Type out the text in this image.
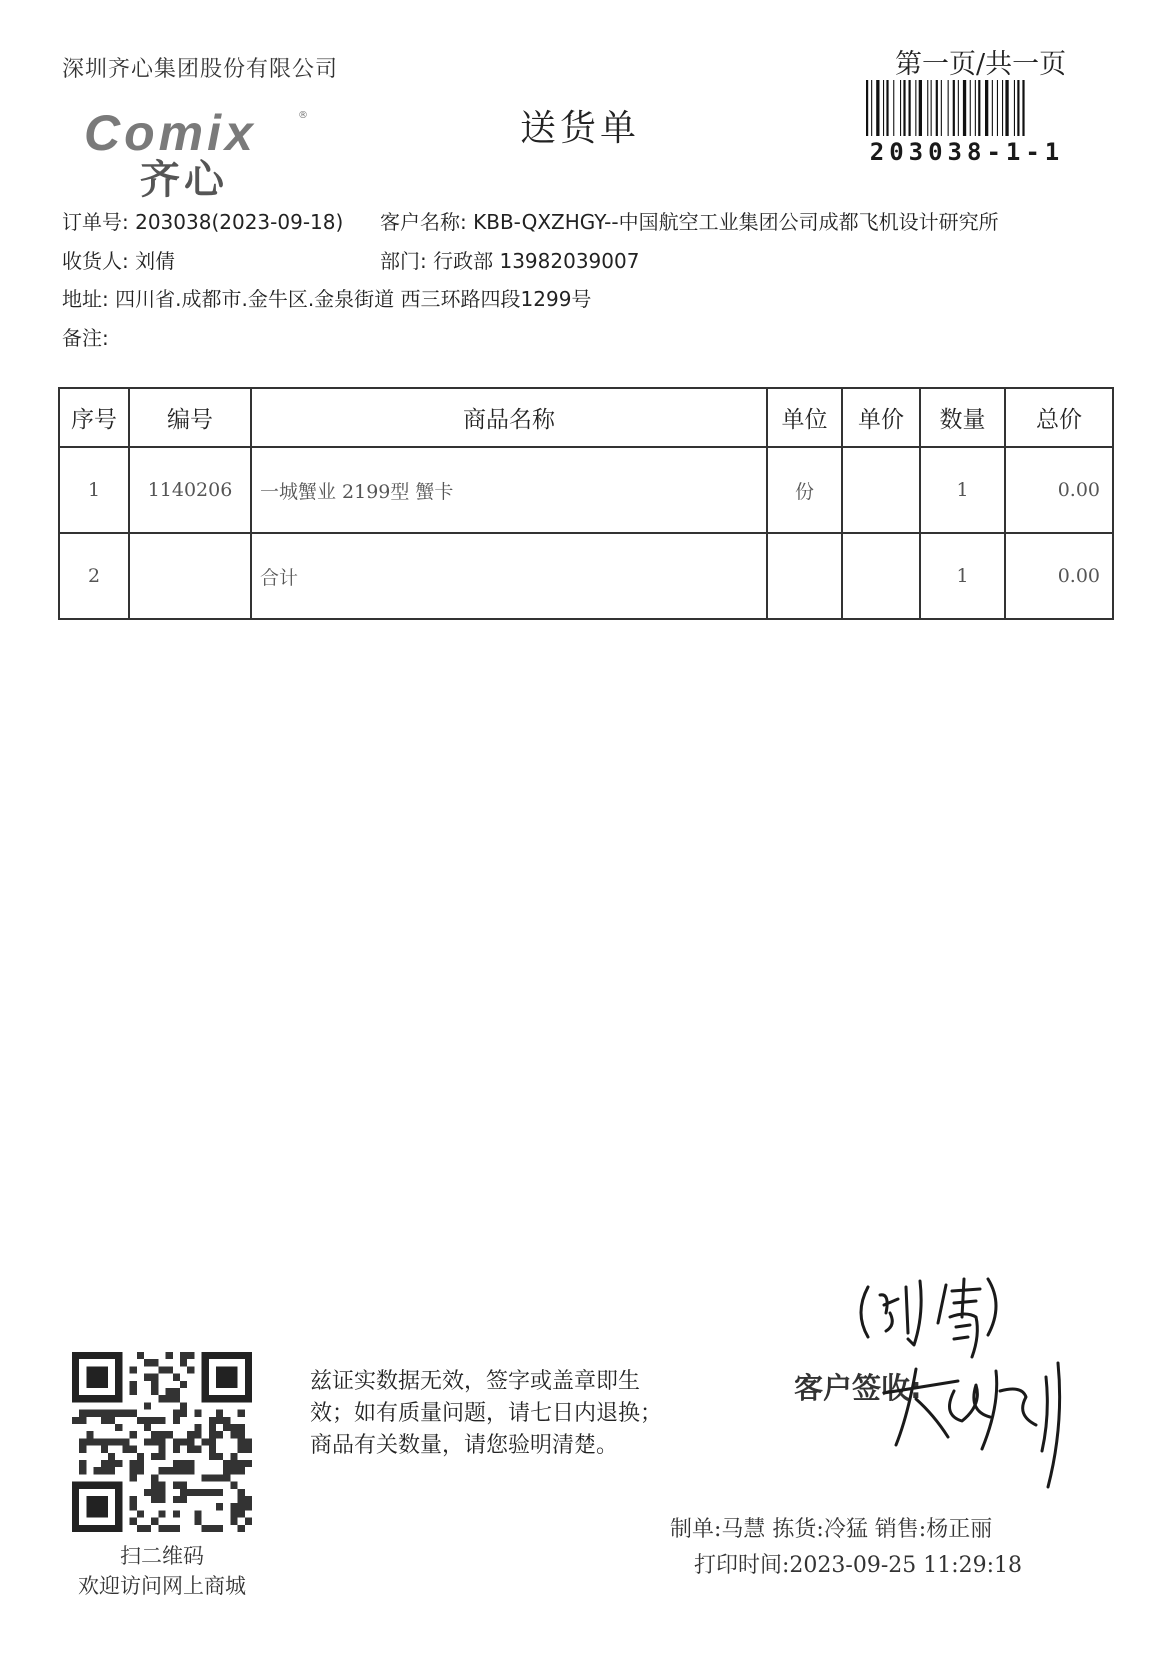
深圳齐心集团股份有限公司	第一页/共一页
203038-1-1
Comix	®
齐心
送货单
订单号: 203038(2023-09-18) 客户名称: KBB-QXZHGY--中国航空工业集团公司成都飞机设计研究所
收货人: 刘倩	部门: 行政部 13982039007
地址: 四川省.成都市.金牛区.金泉街道 西三环路四段1299号
备注:
序号	编号	商品名称	单位	单价	数量	总价
1	1140206	一城蟹业 2199型 蟹卡	份		1	0.00
2		合计			1	0.00
扫二维码
欢迎访问网上商城
兹证实数据无效，签字或盖章即生
效；如有质量问题，请七日内退换；
商品有关数量，请您验明清楚。
客户签收:
制单:马慧 拣货:冷猛 销售:杨正丽
打印时间:2023-09-25 11:29:18
